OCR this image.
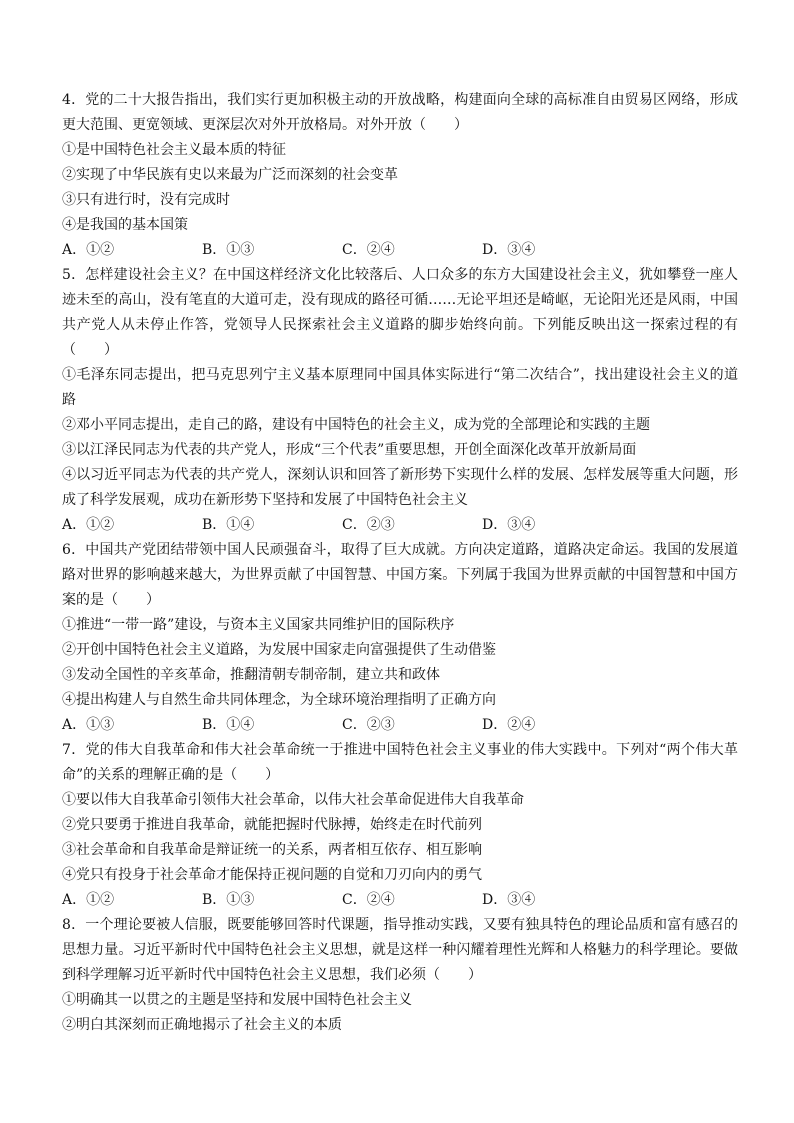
4．党的二十大报告指出，我们实行更加积极主动的开放战略，构建面向全球的高标准自由贸易区网络，形成
更大范围、更宽领域、更深层次对外开放格局。对外开放（　　）
①是中国特色社会主义最本质的特征
②实现了中华民族有史以来最为广泛而深刻的社会变革
③只有进行时，没有完成时
④是我国的基本国策
A．①②	B．①③	C．②④	D．③④
5．怎样建设社会主义？在中国这样经济文化比较落后、人口众多的东方大国建设社会主义，犹如攀登一座人
迹未至的高山，没有笔直的大道可走，没有现成的路径可循……无论平坦还是崎岖，无论阳光还是风雨，中国
共产党人从未停止作答，党领导人民探索社会主义道路的脚步始终向前。下列能反映出这一探索过程的有
（　　）
①毛泽东同志提出，把马克思列宁主义基本原理同中国具体实际进行“第二次结合”，找出建设社会主义的道
路
②邓小平同志提出，走自己的路，建设有中国特色的社会主义，成为党的全部理论和实践的主题
③以江泽民同志为代表的共产党人，形成“三个代表”重要思想，开创全面深化改革开放新局面
④以习近平同志为代表的共产党人，深刻认识和回答了新形势下实现什么样的发展、怎样发展等重大问题，形
成了科学发展观，成功在新形势下坚持和发展了中国特色社会主义
A．①②	B．①④	C．②③	D．③④
6．中国共产党团结带领中国人民顽强奋斗，取得了巨大成就。方向决定道路，道路决定命运。我国的发展道
路对世界的影响越来越大，为世界贡献了中国智慧、中国方案。下列属于我国为世界贡献的中国智慧和中国方
案的是（　　）
①推进“一带一路”建设，与资本主义国家共同维护旧的国际秩序
②开创中国特色社会主义道路，为发展中国家走向富强提供了生动借鉴
③发动全国性的辛亥革命，推翻清朝专制帝制，建立共和政体
④提出构建人与自然生命共同体理念，为全球环境治理指明了正确方向
A．①③	B．①④	C．②③	D．②④
7．党的伟大自我革命和伟大社会革命统一于推进中国特色社会主义事业的伟大实践中。下列对“两个伟大革
命”的关系的理解正确的是（　　）
①要以伟大自我革命引领伟大社会革命，以伟大社会革命促进伟大自我革命
②党只要勇于推进自我革命，就能把握时代脉搏，始终走在时代前列
③社会革命和自我革命是辩证统一的关系，两者相互依存、相互影响
④党只有投身于社会革命才能保持正视问题的自觉和刀刃向内的勇气
A．①②	B．①③	C．②④	D．③④
8．一个理论要被人信服，既要能够回答时代课题，指导推动实践，又要有独具特色的理论品质和富有感召的
思想力量。习近平新时代中国特色社会主义思想，就是这样一种闪耀着理性光辉和人格魅力的科学理论。要做
到科学理解习近平新时代中国特色社会主义思想，我们必须（　　）
①明确其一以贯之的主题是坚持和发展中国特色社会主义
②明白其深刻而正确地揭示了社会主义的本质
